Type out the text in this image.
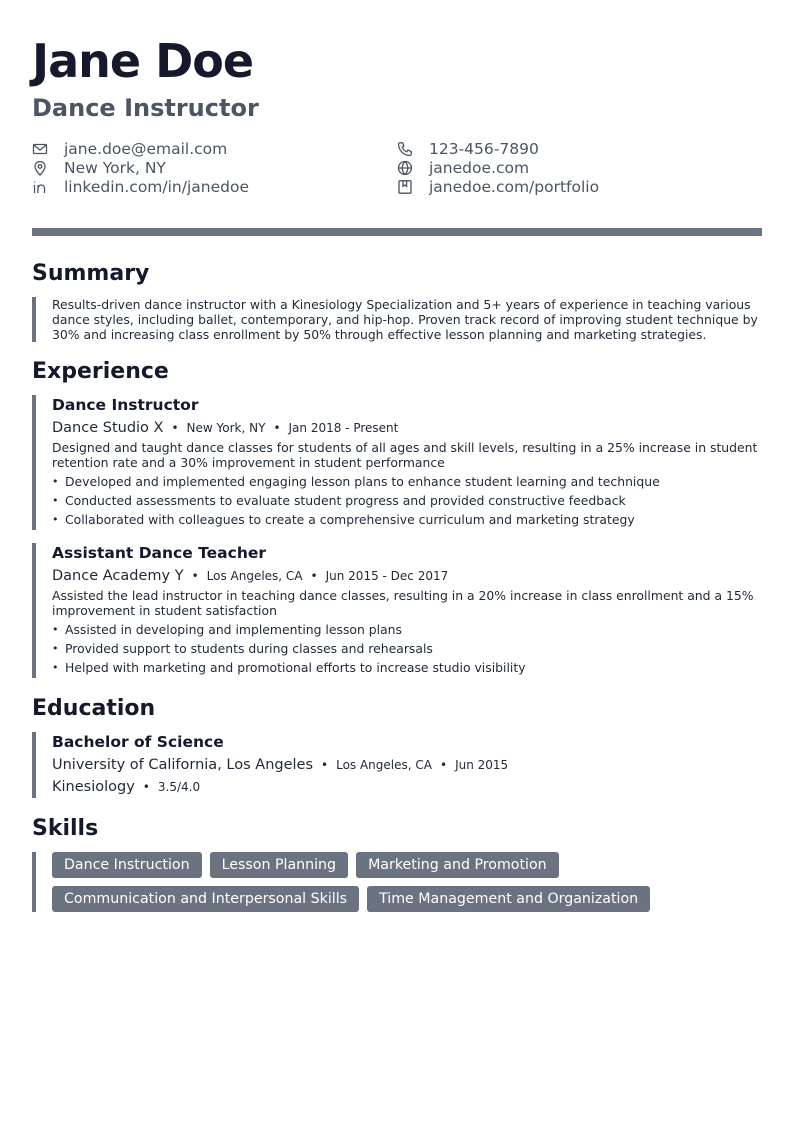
Jane Doe
Dance Instructor
jane.doe@email.com
New York, NY
linkedin.com/in/janedoe
123-456-7890
janedoe.com
janedoe.com/portfolio
Summary
Results-driven dance instructor with a Kinesiology Specialization and 5+ years of experience in teaching various dance styles, including ballet, contemporary, and hip-hop. Proven track record of improving student technique by 30% and increasing class enrollment by 50% through effective lesson planning and marketing strategies.
Experience
Dance Instructor
Dance Studio X • New York, NY • Jan 2018 - Present
Designed and taught dance classes for students of all ages and skill levels, resulting in a 25% increase in student retention rate and a 30% improvement in student performance
• Developed and implemented engaging lesson plans to enhance student learning and technique
• Conducted assessments to evaluate student progress and provided constructive feedback
• Collaborated with colleagues to create a comprehensive curriculum and marketing strategy
Assistant Dance Teacher
Dance Academy Y • Los Angeles, CA • Jun 2015 - Dec 2017
Assisted the lead instructor in teaching dance classes, resulting in a 20% increase in class enrollment and a 15% improvement in student satisfaction
• Assisted in developing and implementing lesson plans
• Provided support to students during classes and rehearsals
• Helped with marketing and promotional efforts to increase studio visibility
Education
Bachelor of Science
University of California, Los Angeles • Los Angeles, CA • Jun 2015
Kinesiology • 3.5/4.0
Skills
Dance Instruction	Lesson Planning	Marketing and Promotion
Communication and Interpersonal Skills	Time Management and Organization
